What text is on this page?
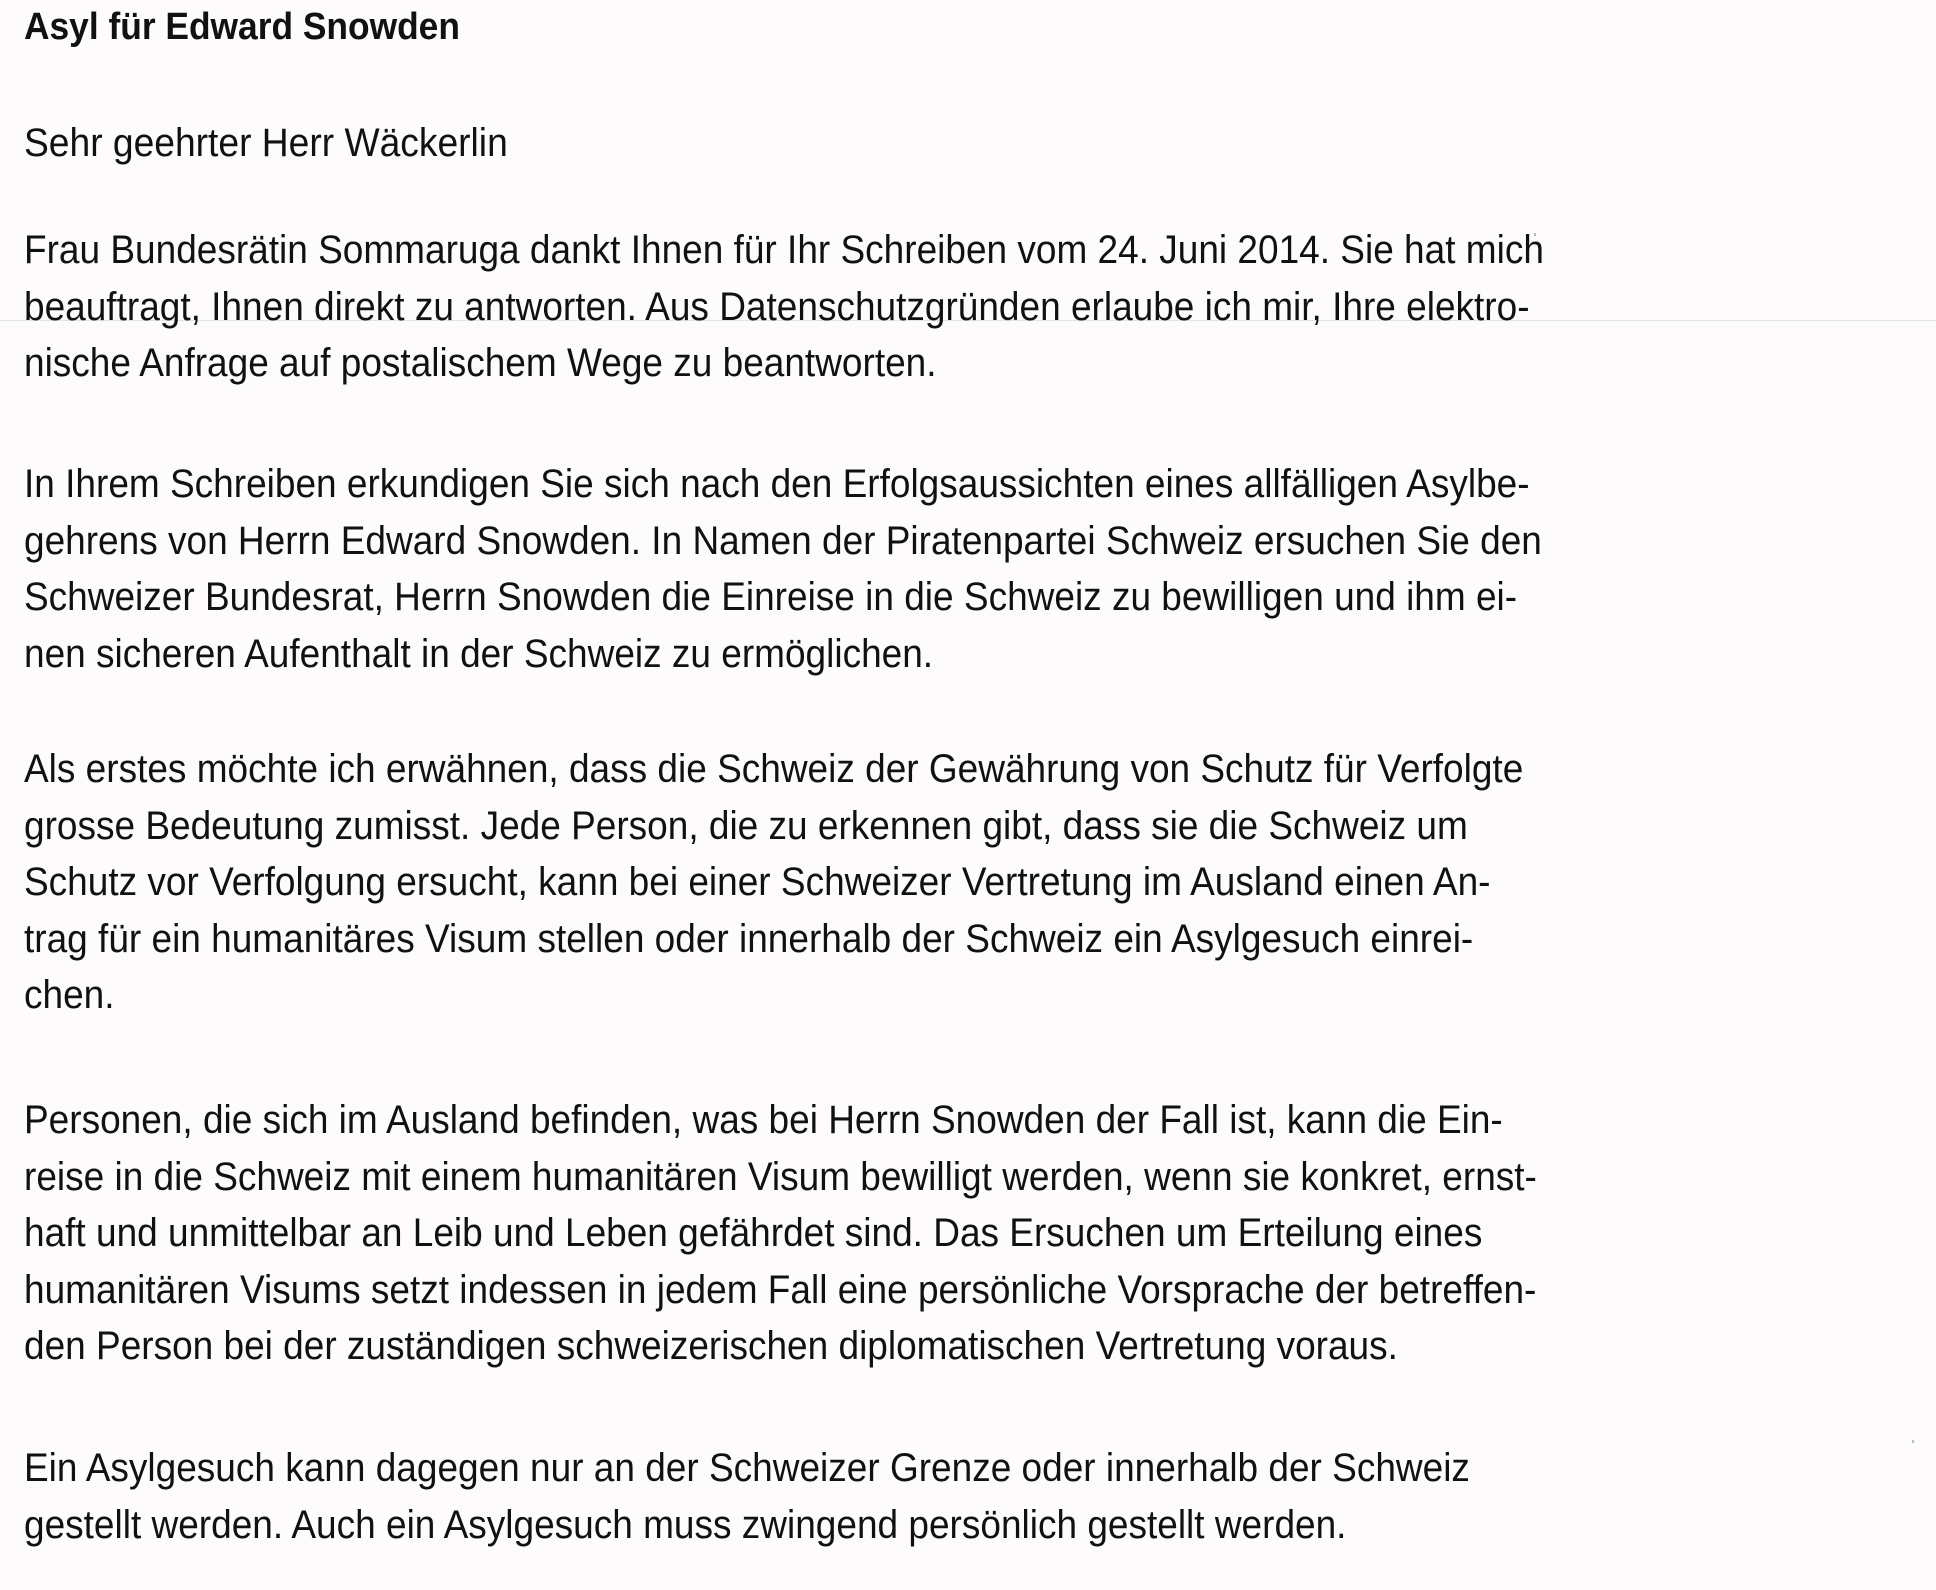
Asyl für Edward Snowden

Sehr geehrter Herr Wäckerlin

Frau Bundesrätin Sommaruga dankt Ihnen für Ihr Schreiben vom 24. Juni 2014. Sie hat mich
beauftragt, Ihnen direkt zu antworten. Aus Datenschutzgründen erlaube ich mir, Ihre elektro-
nische Anfrage auf postalischem Wege zu beantworten.

In Ihrem Schreiben erkundigen Sie sich nach den Erfolgsaussichten eines allfälligen Asylbe-
gehrens von Herrn Edward Snowden. In Namen der Piratenpartei Schweiz ersuchen Sie den
Schweizer Bundesrat, Herrn Snowden die Einreise in die Schweiz zu bewilligen und ihm ei-
nen sicheren Aufenthalt in der Schweiz zu ermöglichen.

Als erstes möchte ich erwähnen, dass die Schweiz der Gewährung von Schutz für Verfolgte
grosse Bedeutung zumisst. Jede Person, die zu erkennen gibt, dass sie die Schweiz um
Schutz vor Verfolgung ersucht, kann bei einer Schweizer Vertretung im Ausland einen An-
trag für ein humanitäres Visum stellen oder innerhalb der Schweiz ein Asylgesuch einrei-
chen.

Personen, die sich im Ausland befinden, was bei Herrn Snowden der Fall ist, kann die Ein-
reise in die Schweiz mit einem humanitären Visum bewilligt werden, wenn sie konkret, ernst-
haft und unmittelbar an Leib und Leben gefährdet sind. Das Ersuchen um Erteilung eines
humanitären Visums setzt indessen in jedem Fall eine persönliche Vorsprache der betreffen-
den Person bei der zuständigen schweizerischen diplomatischen Vertretung voraus.

Ein Asylgesuch kann dagegen nur an der Schweizer Grenze oder innerhalb der Schweiz
gestellt werden. Auch ein Asylgesuch muss zwingend persönlich gestellt werden.
